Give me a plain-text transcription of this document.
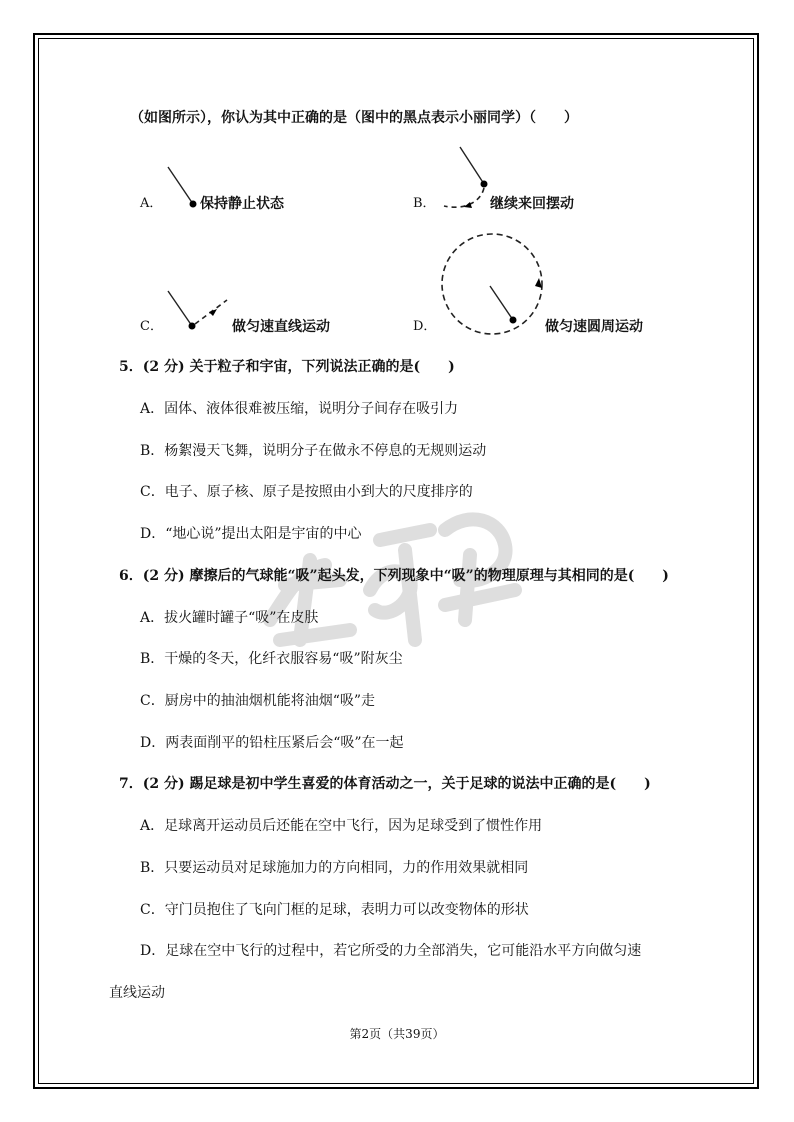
（如图所示），你认为其中正确的是（图中的黑点表示小丽同学）（　　）
A．	保持静止状态	B．	继续来回摆动
C．	做匀速直线运动	D．	做匀速圆周运动
5．(2 分) 关于粒子和宇宙，下列说法正确的是(　　)
A．固体、液体很难被压缩，说明分子间存在吸引力
B．杨絮漫天飞舞，说明分子在做永不停息的无规则运动
C．电子、原子核、原子是按照由小到大的尺度排序的
D．“地心说”提出太阳是宇宙的中心
6．(2 分) 摩擦后的气球能“吸”起头发，下列现象中“吸”的物理原理与其相同的是(　　)
A．拔火罐时罐子“吸”在皮肤
B．干燥的冬天，化纤衣服容易“吸”附灰尘
C．厨房中的抽油烟机能将油烟“吸”走
D．两表面削平的铅柱压紧后会“吸”在一起
7．(2 分) 踢足球是初中学生喜爱的体育活动之一，关于足球的说法中正确的是(　　)
A．足球离开运动员后还能在空中飞行，因为足球受到了惯性作用
B．只要运动员对足球施加力的方向相同，力的作用效果就相同
C．守门员抱住了飞向门框的足球，表明力可以改变物体的形状
D．足球在空中飞行的过程中，若它所受的力全部消失，它可能沿水平方向做匀速
直线运动
第2页（共39页）
